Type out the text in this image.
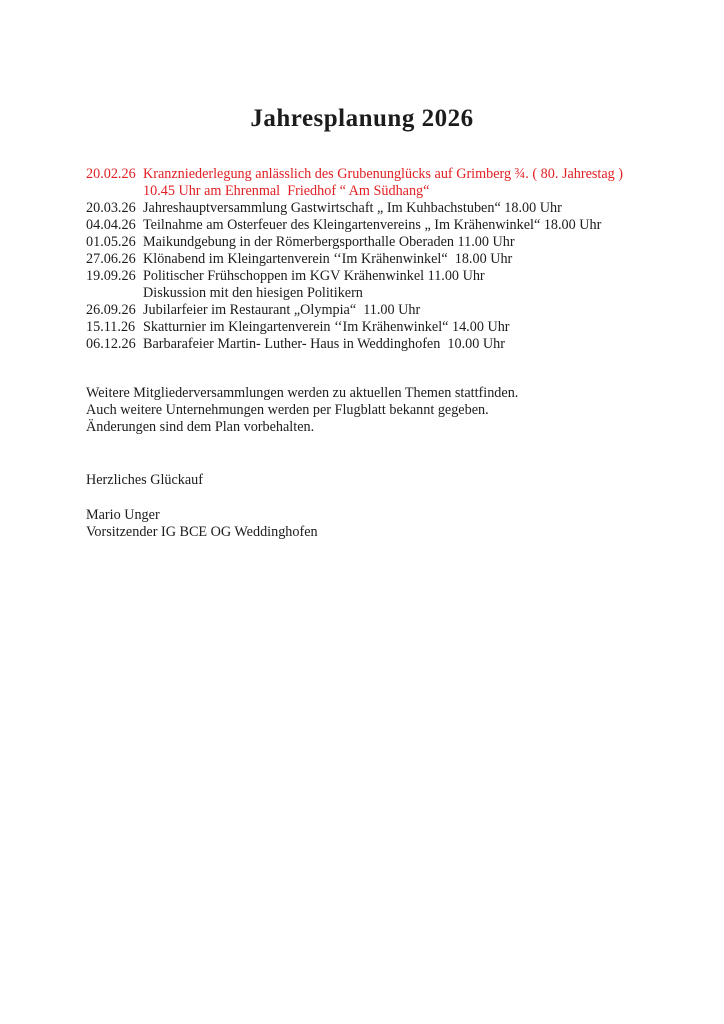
Jahresplanung 2026
20.02.26 Kranzniederlegung anlässlich des Grubenunglücks auf Grimberg ¾. ( 80. Jahrestag )
10.45 Uhr am Ehrenmal  Friedhof “ Am Südhang“
20.03.26 Jahreshauptversammlung Gastwirtschaft „ Im Kuhbachstuben“ 18.00 Uhr
04.04.26 Teilnahme am Osterfeuer des Kleingartenvereins „ Im Krähenwinkel“ 18.00 Uhr
01.05.26 Maikundgebung in der Römerbergsporthalle Oberaden 11.00 Uhr
27.06.26 Klönabend im Kleingartenverein ‘‘Im Krähenwinkel“  18.00 Uhr
19.09.26 Politischer Frühschoppen im KGV Krähenwinkel 11.00 Uhr
Diskussion mit den hiesigen Politikern
26.09.26 Jubilarfeier im Restaurant „Olympia“  11.00 Uhr
15.11.26 Skatturnier im Kleingartenverein ‘‘Im Krähenwinkel“ 14.00 Uhr
06.12.26 Barbarafeier Martin- Luther- Haus in Weddinghofen  10.00 Uhr
Weitere Mitgliederversammlungen werden zu aktuellen Themen stattfinden.
Auch weitere Unternehmungen werden per Flugblatt bekannt gegeben.
Änderungen sind dem Plan vorbehalten.
Herzliches Glückauf
Mario Unger
Vorsitzender IG BCE OG Weddinghofen
